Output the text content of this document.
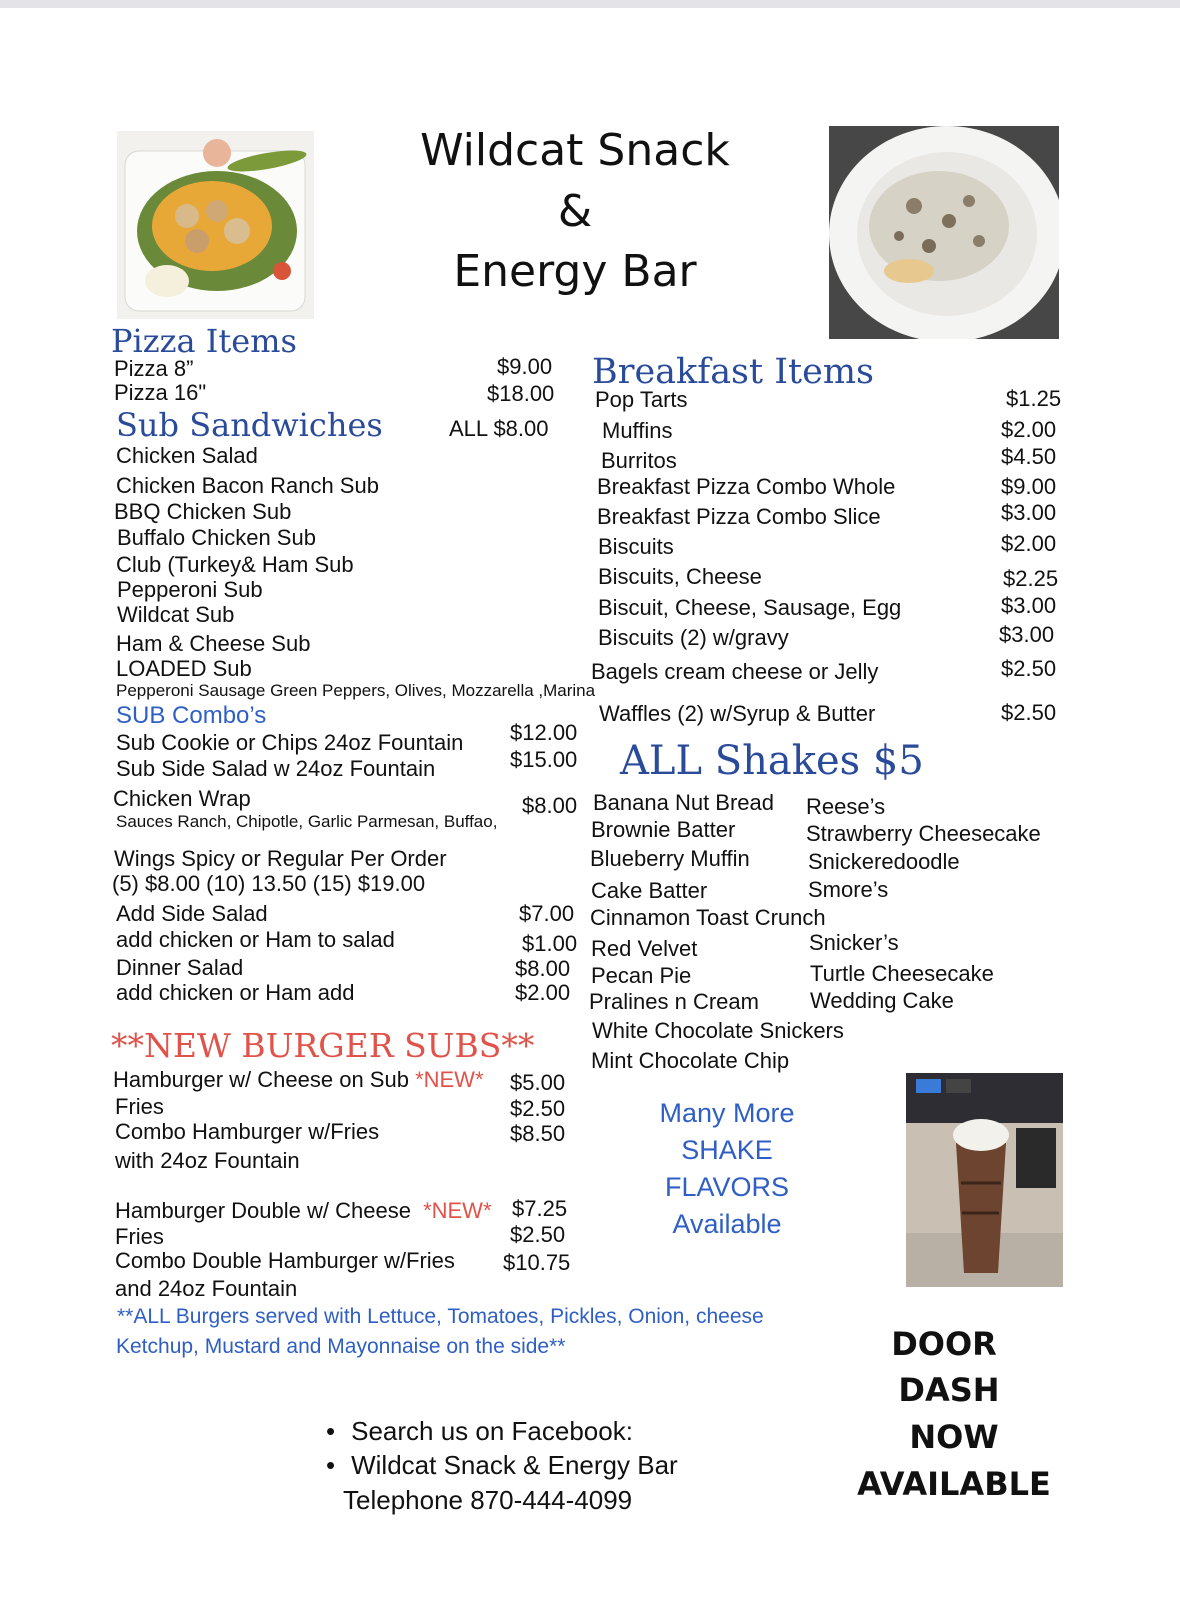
Wildcat Snack
&
Energy Bar
Pizza Items
Pizza 8”	$9.00
Pizza 16"	$18.00
Sub Sandwiches	ALL $8.00
Chicken Salad
Chicken Bacon Ranch Sub
BBQ Chicken Sub
Buffalo Chicken Sub
Club (Turkey& Ham Sub
Pepperoni Sub
Wildcat Sub
Ham & Cheese Sub
LOADED Sub
Pepperoni Sausage Green Peppers, Olives, Mozzarella ,Marina
SUB Combo’s
Sub Cookie or Chips 24oz Fountain $12.00
Sub Side Salad w 24oz Fountain	$15.00
Chicken Wrap	$8.00
Sauces Ranch, Chipotle, Garlic Parmesan, Buffao,
Wings Spicy or Regular Per Order
(5) $8.00 (10) 13.50 (15) $19.00
Add Side Salad	$7.00
add chicken or Ham to salad	$1.00
Dinner Salad	$8.00
add chicken or Ham add	$2.00
**NEW BURGER SUBS**
Hamburger w/ Cheese on Sub *NEW* $5.00
Fries	$2.50
Combo Hamburger w/Fries	$8.50
with 24oz Fountain
Hamburger Double w/ Cheese *NEW* $7.25
Fries	$2.50
Combo Double Hamburger w/Fries $10.75
and 24oz Fountain
**ALL Burgers served with Lettuce, Tomatoes, Pickles, Onion, cheese
Ketchup, Mustard and Mayonnaise on the side**
Breakfast Items
Pop Tarts	$1.25
Muffins	$2.00
Burritos	$4.50
Breakfast Pizza Combo Whole	$9.00
Breakfast Pizza Combo Slice	$3.00
Biscuits	$2.00
Biscuits, Cheese	$2.25
Biscuit, Cheese, Sausage, Egg	$3.00
Biscuits (2) w/gravy	$3.00
Bagels cream cheese or Jelly	$2.50
Waffles (2) w/Syrup & Butter	$2.50
ALL Shakes $5
Banana Nut Bread
Brownie Batter
Blueberry Muffin
Cake Batter
Cinnamon Toast Crunch
Red Velvet
Pecan Pie
Pralines n Cream
White Chocolate Snickers
Mint Chocolate Chip
Reese’s
Strawberry Cheesecake
Snickeredoodle
Smore’s
Snicker’s
Turtle Cheesecake
Wedding Cake
Many More
SHAKE
FLAVORS
Available
DOOR
DASH
NOW
AVAILABLE
• Search us on Facebook:
• Wildcat Snack & Energy Bar
Telephone 870-444-4099
